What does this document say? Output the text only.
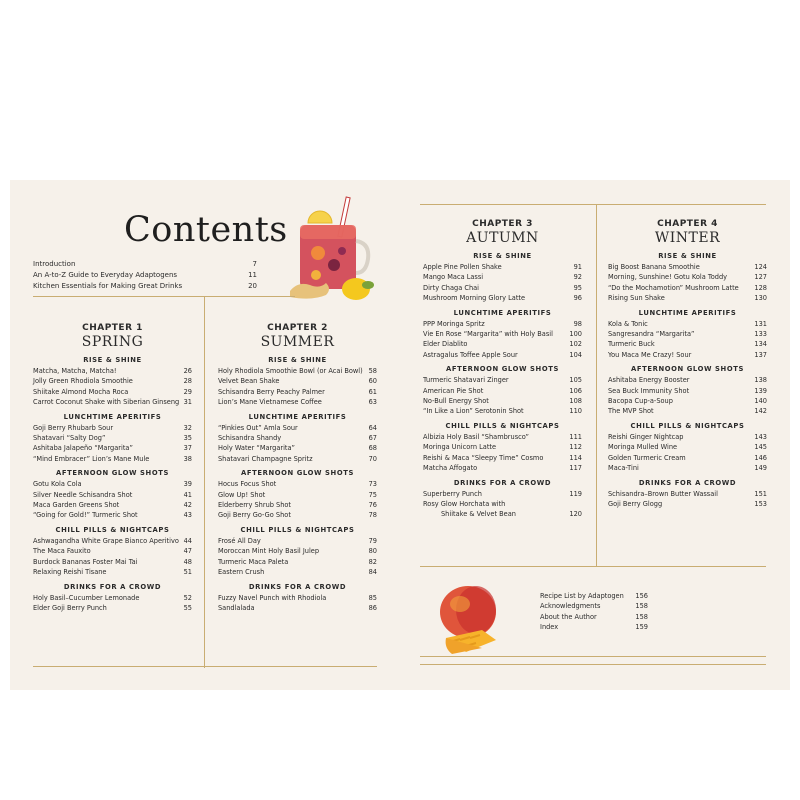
Contents
Introduction	7
An A-to-Z Guide to Everyday Adaptogens	11
Kitchen Essentials for Making Great Drinks	20
CHAPTER 1
SPRING
RISE & SHINE
Matcha, Matcha, Matcha!	26
Jolly Green Rhodiola Smoothie	28
Shiitake Almond Mocha Roca	29
Carrot Coconut Shake with Siberian Ginseng 31
LUNCHTIME APERITIFS
Goji Berry Rhubarb Sour	32
Shatavari “Salty Dog”	35
Ashitaba Jalapeño “Margarita”	37
“Mind Embracer” Lion’s Mane Mule	38
AFTERNOON GLOW SHOTS
Gotu Kola Cola	39
Silver Needle Schisandra Shot	41
Maca Garden Greens Shot	42
“Going for Gold!” Turmeric Shot	43
CHILL PILLS & NIGHTCAPS
Ashwagandha White Grape Bianco Aperitivo 44
The Maca Fauxito	47
Burdock Bananas Foster Mai Tai	48
Relaxing Reishi Tisane	51
DRINKS FOR A CROWD
Holy Basil–Cucumber Lemonade	52
Elder Goji Berry Punch	55
CHAPTER 2
SUMMER
RISE & SHINE
Holy Rhodiola Smoothie Bowl (or Acai Bowl) 58
Velvet Bean Shake	60
Schisandra Berry Peachy Palmer	61
Lion’s Mane Vietnamese Coffee	63
LUNCHTIME APERITIFS
“Pinkies Out” Amla Sour	64
Schisandra Shandy	67
Holy Water “Margarita”	68
Shatavari Champagne Spritz	70
AFTERNOON GLOW SHOTS
Hocus Focus Shot	73
Glow Up! Shot	75
Elderberry Shrub Shot	76
Goji Berry Go-Go Shot	78
CHILL PILLS & NIGHTCAPS
Frosé All Day	79
Moroccan Mint Holy Basil Julep	80
Turmeric Maca Paleta	82
Eastern Crush	84
DRINKS FOR A CROWD
Fuzzy Navel Punch with Rhodiola	85
Sandlalada	86
CHAPTER 3
AUTUMN
RISE & SHINE
Apple Pine Pollen Shake	91
Mango Maca Lassi	92
Dirty Chaga Chai	95
Mushroom Morning Glory Latte	96
LUNCHTIME APERITIFS
PPP Moringa Spritz	98
Vie En Rose “Margarita” with Holy Basil 100
Elder Diablito	102
Astragalus Toffee Apple Sour	104
AFTERNOON GLOW SHOTS
Turmeric Shatavari Zinger	105
American Pie Shot	106
No-Bull Energy Shot	108
“In Like a Lion” Serotonin Shot	110
CHILL PILLS & NIGHTCAPS
Albizia Holy Basil “Shambrusco”	111
Moringa Unicorn Latte	112
Reishi & Maca “Sleepy Time” Cosmo	114
Matcha Affogato	117
DRINKS FOR A CROWD
Superberry Punch	119
Rosy Glow Horchata with
Shiitake & Velvet Bean	120
CHAPTER 4
WINTER
RISE & SHINE
Big Boost Banana Smoothie	124
Morning, Sunshine! Gotu Kola Toddy	127
“Do the Mochamotion” Mushroom Latte 128
Rising Sun Shake	130
LUNCHTIME APERITIFS
Kola & Tonic	131
Sangresandra “Margarita”	133
Turmeric Buck	134
You Maca Me Crazy! Sour	137
AFTERNOON GLOW SHOTS
Ashitaba Energy Booster	138
Sea Buck Immunity Shot	139
Bacopa Cup-a-Soup	140
The MVP Shot	142
CHILL PILLS & NIGHTCAPS
Reishi Ginger Nightcap	143
Moringa Mulled Wine	145
Golden Turmeric Cream	146
Maca-Tini	149
DRINKS FOR A CROWD
Schisandra–Brown Butter Wassail	151
Goji Berry Glogg	153
Recipe List by Adaptogen 156
Acknowledgments	158
About the Author	158
Index	159
